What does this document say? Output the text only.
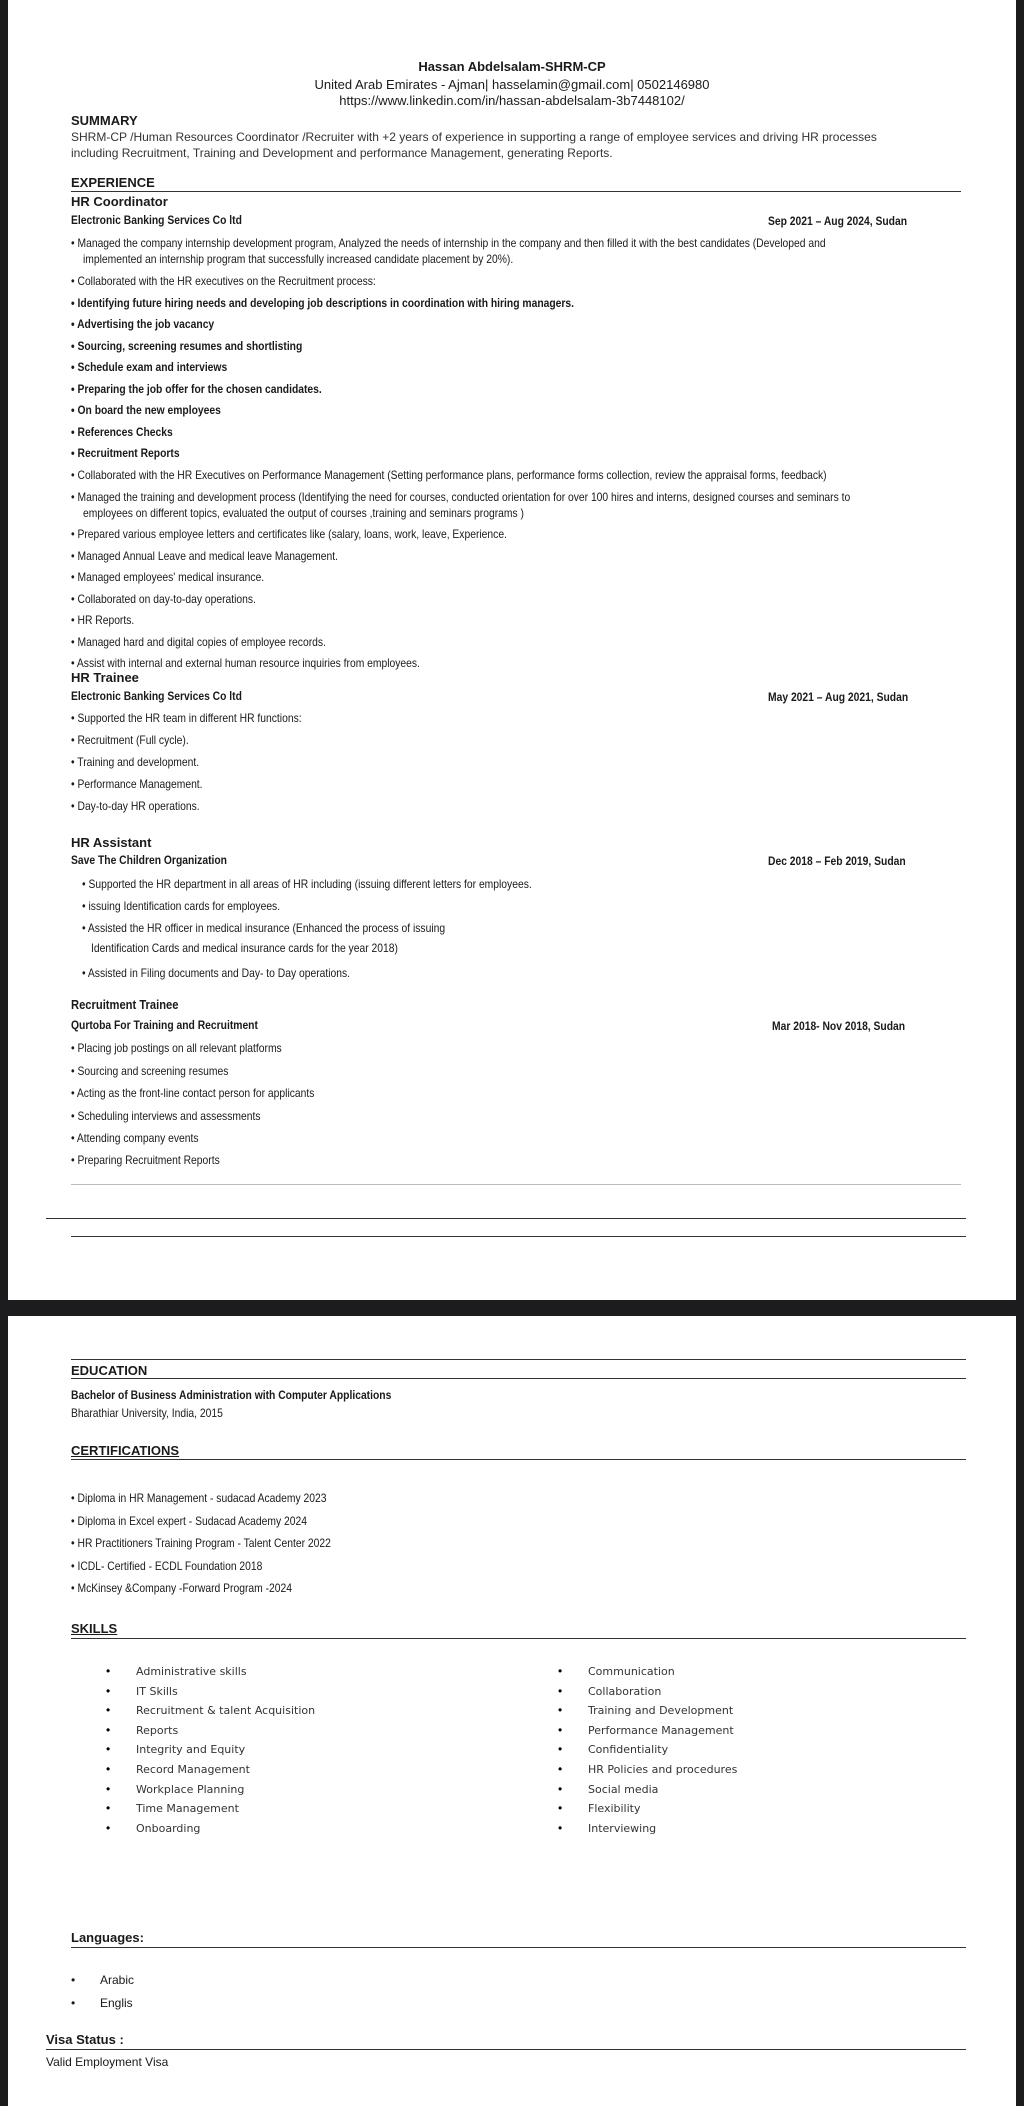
Hassan Abdelsalam-SHRM-CP
United Arab Emirates - Ajman| hasselamin@gmail.com| 0502146980
https://www.linkedin.com/in/hassan-abdelsalam-3b7448102/
SUMMARY
SHRM-CP /Human Resources Coordinator /Recruiter with +2 years of experience in supporting a range of employee services and driving HR processes
including Recruitment, Training and Development and performance Management, generating Reports.
EXPERIENCE
HR Coordinator
Electronic Banking Services Co ltd	Sep 2021 – Aug 2024, Sudan
• Managed the company internship development program, Analyzed the needs of internship in the company and then filled it with the best candidates (Developed and
implemented an internship program that successfully increased candidate placement by 20%).
• Collaborated with the HR executives on the Recruitment process:
• Identifying future hiring needs and developing job descriptions in coordination with hiring managers.
• Advertising the job vacancy
• Sourcing, screening resumes and shortlisting
• Schedule exam and interviews
• Preparing the job offer for the chosen candidates.
• On board the new employees
• References Checks
• Recruitment Reports
• Collaborated with the HR Executives on Performance Management (Setting performance plans, performance forms collection, review the appraisal forms, feedback)
• Managed the training and development process (Identifying the need for courses, conducted orientation for over 100 hires and interns, designed courses and seminars to
employees on different topics, evaluated the output of courses ,training and seminars programs )
• Prepared various employee letters and certificates like (salary, loans, work, leave, Experience.
• Managed Annual Leave and medical leave Management.
• Managed employees' medical insurance.
• Collaborated on day-to-day operations.
• HR Reports.
• Managed hard and digital copies of employee records.
• Assist with internal and external human resource inquiries from employees.
HR Trainee
Electronic Banking Services Co ltd	May 2021 – Aug 2021, Sudan
• Supported the HR team in different HR functions:
• Recruitment (Full cycle).
• Training and development.
• Performance Management.
• Day-to-day HR operations.
HR Assistant
Save The Children Organization	Dec 2018 – Feb 2019, Sudan
• Supported the HR department in all areas of HR including (issuing different letters for employees.
• issuing Identification cards for employees.
• Assisted the HR officer in medical insurance (Enhanced the process of issuing
Identification Cards and medical insurance cards for the year 2018)
• Assisted in Filing documents and Day- to Day operations.
Recruitment Trainee
Qurtoba For Training and Recruitment	Mar 2018- Nov 2018, Sudan
• Placing job postings on all relevant platforms
• Sourcing and screening resumes
• Acting as the front-line contact person for applicants
• Scheduling interviews and assessments
• Attending company events
• Preparing Recruitment Reports
EDUCATION
Bachelor of Business Administration with Computer Applications
Bharathiar University, India, 2015
CERTIFICATIONS
• Diploma in HR Management - sudacad Academy 2023
• Diploma in Excel expert - Sudacad Academy 2024
• HR Practitioners Training Program - Talent Center 2022
• ICDL- Certified - ECDL Foundation 2018
• McKinsey &Company -Forward Program -2024
SKILLS
• Administrative skills
• IT Skills
• Recruitment & talent Acquisition
• Reports
• Integrity and Equity
• Record Management
• Workplace Planning
• Time Management
• Onboarding
• Communication
• Collaboration
• Training and Development
• Performance Management
• Confidentiality
• HR Policies and procedures
• Social media
• Flexibility
• Interviewing
Languages:
• Arabic
• Englis
Visa Status :
Valid Employment Visa
